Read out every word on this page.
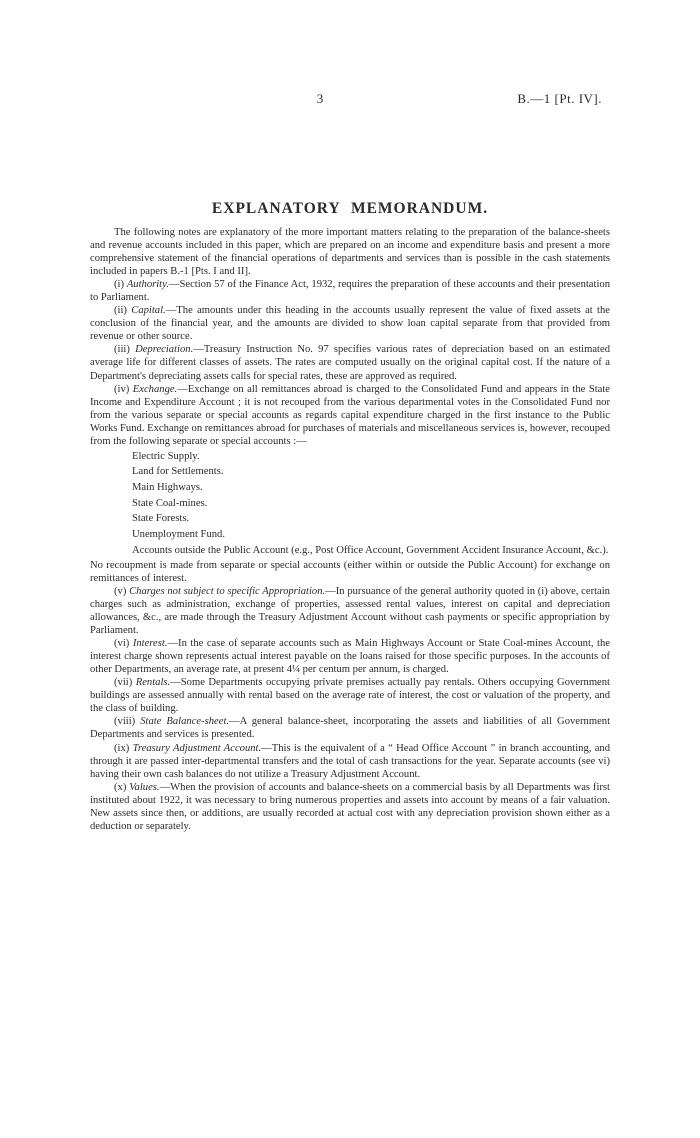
3	B.—1 [Pt. IV].
EXPLANATORY MEMORANDUM.

The following notes are explanatory of the more important matters relating to the preparation of the balance-sheets and revenue accounts included in this paper, which are prepared on an income and expenditure basis and present a more comprehensive statement of the financial operations of departments and services than is possible in the cash statements included in papers B.-1 [Pts. I and II].

(i) Authority.—Section 57 of the Finance Act, 1932, requires the preparation of these accounts and their presentation to Parliament.

(ii) Capital.—The amounts under this heading in the accounts usually represent the value of fixed assets at the conclusion of the financial year, and the amounts are divided to show loan capital separate from that provided from revenue or other source.

(iii) Depreciation.—Treasury Instruction No. 97 specifies various rates of depreciation based on an estimated average life for different classes of assets. The rates are computed usually on the original capital cost. If the nature of a Department's depreciating assets calls for special rates, these are approved as required.

(iv) Exchange.—Exchange on all remittances abroad is charged to the Consolidated Fund and appears in the State Income and Expenditure Account ; it is not recouped from the various departmental votes in the Consolidated Fund nor from the various separate or special accounts as regards capital expenditure charged in the first instance to the Public Works Fund. Exchange on remittances abroad for purchases of materials and miscellaneous services is, however, recouped from the following separate or special accounts :—

Electric Supply.
Land for Settlements.
Main Highways.
State Coal-mines.
State Forests.
Unemployment Fund.
Accounts outside the Public Account (e.g., Post Office Account, Government Accident Insurance Account, &c.).

No recoupment is made from separate or special accounts (either within or outside the Public Account) for exchange on remittances of interest.

(v) Charges not subject to specific Appropriation.—In pursuance of the general authority quoted in (i) above, certain charges such as administration, exchange of properties, assessed rental values, interest on capital and depreciation allowances, &c., are made through the Treasury Adjustment Account without cash payments or specific appropriation by Parliament.

(vi) Interest.—In the case of separate accounts such as Main Highways Account or State Coal-mines Account, the interest charge shown represents actual interest payable on the loans raised for those specific purposes. In the accounts of other Departments, an average rate, at present 4¼ per centum per annum, is charged.

(vii) Rentals.—Some Departments occupying private premises actually pay rentals. Others occupying Government buildings are assessed annually with rental based on the average rate of interest, the cost or valuation of the property, and the class of building.

(viii) State Balance-sheet.—A general balance-sheet, incorporating the assets and liabilities of all Government Departments and services is presented.

(ix) Treasury Adjustment Account.—This is the equivalent of a “ Head Office Account ” in branch accounting, and through it are passed inter-departmental transfers and the total of cash transactions for the year. Separate accounts (see vi) having their own cash balances do not utilize a Treasury Adjustment Account.

(x) Values.—When the provision of accounts and balance-sheets on a commercial basis by all Departments was first instituted about 1922, it was necessary to bring numerous properties and assets into account by means of a fair valuation. New assets since then, or additions, are usually recorded at actual cost with any depreciation provision shown either as a deduction or separately.
